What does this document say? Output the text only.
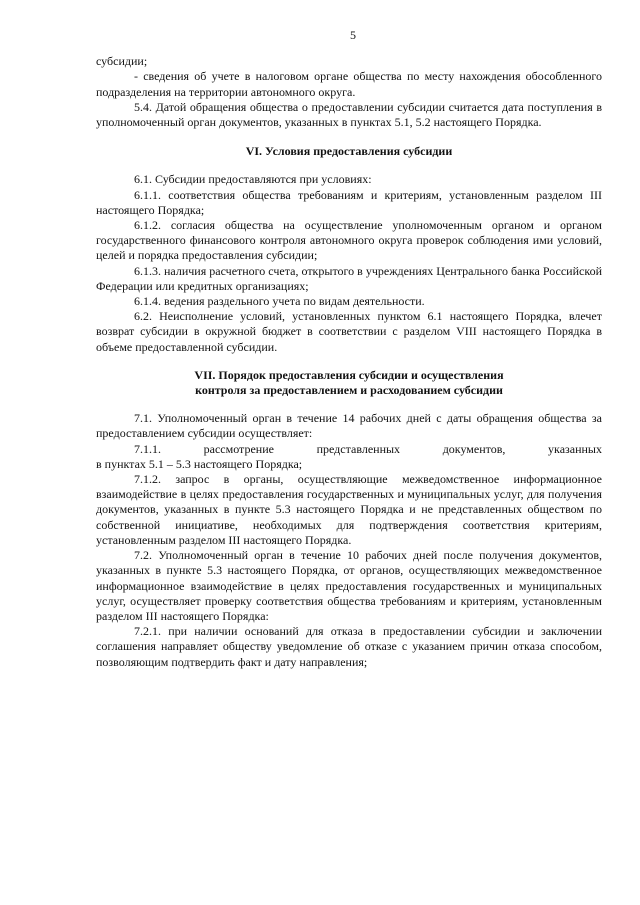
5

субсидии;

- сведения об учете в налоговом органе общества по месту нахождения обособленного подразделения на территории автономного округа.

5.4. Датой обращения общества о предоставлении субсидии считается дата поступления в уполномоченный орган документов, указанных в пунктах 5.1, 5.2 настоящего Порядка.

VI. Условия предоставления субсидии

6.1. Субсидии предоставляются при условиях:

6.1.1. соответствия общества требованиям и критериям, установленным разделом III настоящего Порядка;

6.1.2. согласия общества на осуществление уполномоченным органом и органом государственного финансового контроля автономного округа проверок соблюдения ими условий, целей и порядка предоставления субсидии;

6.1.3. наличия расчетного счета, открытого в учреждениях Центрального банка Российской Федерации или кредитных организациях;

6.1.4. ведения раздельного учета по видам деятельности.

6.2. Неисполнение условий, установленных пунктом 6.1 настоящего Порядка, влечет возврат субсидии в окружной бюджет в соответствии с разделом VIII настоящего Порядка в объеме предоставленной субсидии.

VII. Порядок предоставления субсидии и осуществления
контроля за предоставлением и расходованием субсидии

7.1. Уполномоченный орган в течение 14 рабочих дней с даты обращения общества за предоставлением субсидии осуществляет:

7.1.1. рассмотрение представленных документов, указанных

в пунктах 5.1 – 5.3 настоящего Порядка;

7.1.2. запрос в органы, осуществляющие межведомственное информационное взаимодействие в целях предоставления государственных и муниципальных услуг, для получения документов, указанных в пункте 5.3 настоящего Порядка и не представленных обществом по собственной инициативе, необходимых для подтверждения соответствия критериям, установленным разделом III настоящего Порядка.

7.2. Уполномоченный орган в течение 10 рабочих дней после получения документов, указанных в пункте 5.3 настоящего Порядка, от органов, осуществляющих межведомственное информационное взаимодействие в целях предоставления государственных и муниципальных услуг, осуществляет проверку соответствия общества требованиям и критериям, установленным разделом III настоящего Порядка:

7.2.1. при наличии оснований для отказа в предоставлении субсидии и заключении соглашения направляет обществу уведомление об отказе с указанием причин отказа способом, позволяющим подтвердить факт и дату направления;
